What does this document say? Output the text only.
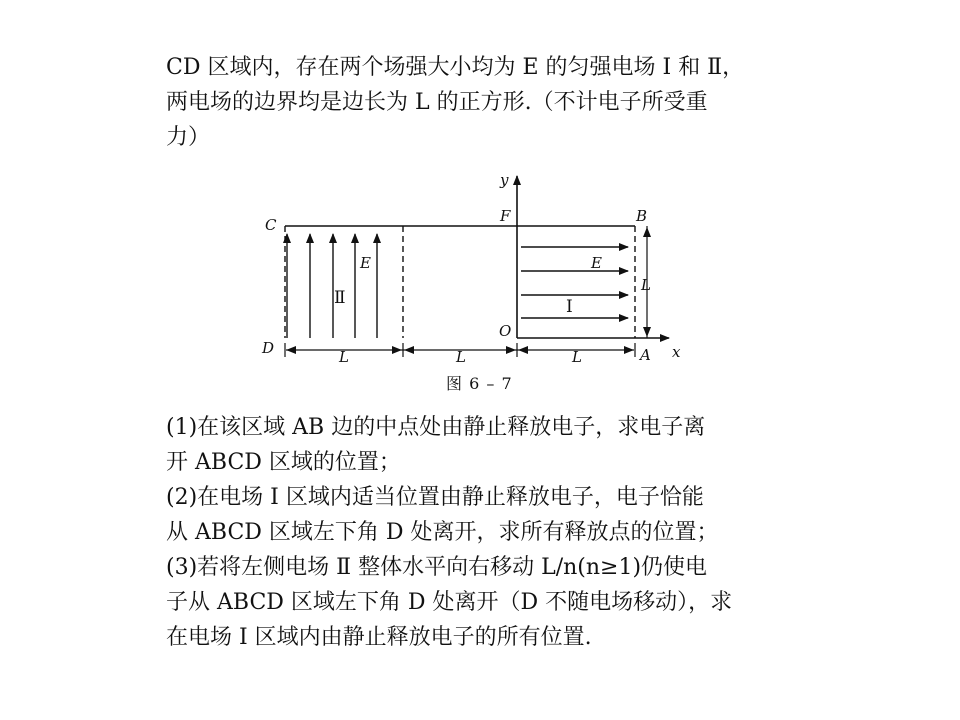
CD 区域内，存在两个场强大小均为 E 的匀强电场 Ⅰ 和 Ⅱ，
两电场的边界均是边长为 L 的正方形.（不计电子所受重
力）
y
F	B
C
E	E
L
O
D	A x
L	L	L
Ⅱ	Ⅰ
图 6 – 7
(1)在该区域 AB 边的中点处由静止释放电子，求电子离
开 ABCD 区域的位置；
(2)在电场 Ⅰ 区域内适当位置由静止释放电子，电子恰能
从 ABCD 区域左下角 D 处离开，求所有释放点的位置；
(3)若将左侧电场 Ⅱ 整体水平向右移动 L/n(n≥1)仍使电
子从 ABCD 区域左下角 D 处离开（D 不随电场移动），求
在电场 Ⅰ 区域内由静止释放电子的所有位置.
